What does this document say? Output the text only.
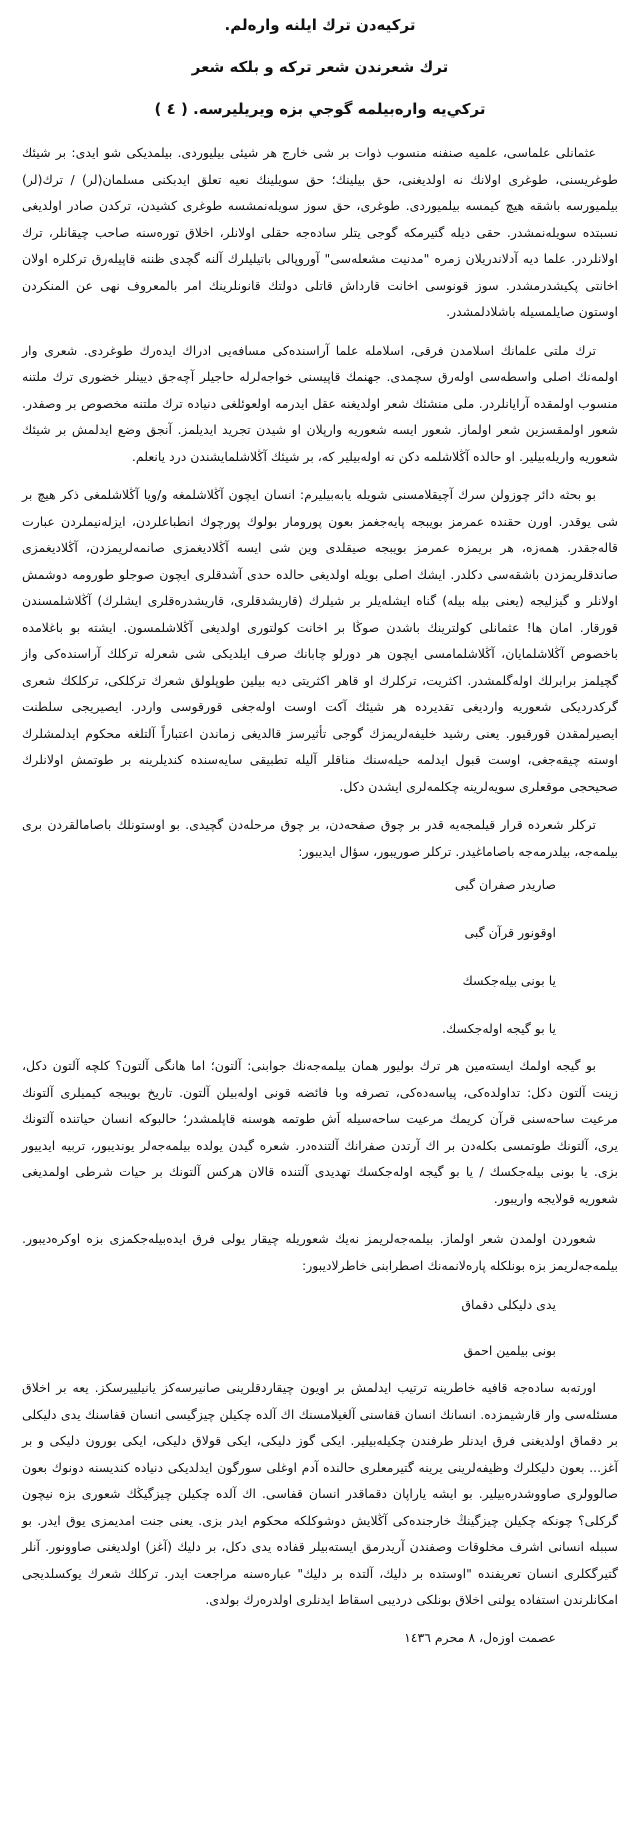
تركيه‌دن ترك ايلنه وارەلم.
ترك شعرندن شعر تركه و بلكه شعر
تركي‌يه وارەبيلمه گوجي بزه ويريليرسه. ( ٤ )

عثمانلى علماسى، علميه صنفنه منسوب ذوات بر شى خارج هر شيئى بيليوردى. بيلمديكى شو ايدى: بر شيئك طوغريسنى، طوغرى اولانك نه اولديغنى، حق بيلينك؛ حق سويلينك نعيه تعلق ايدبكنى مسلمان(لر) / ترك(لر) بيلميورسه باشقه هيچ كيمسه بيلميوردى. طوغرى، حق سوز سويلەنمشسه طوغرى كشيدن، تركدن صادر اولديغى نسبتده سويلەنمشدر. حقى ديله گتيرمكه گوجى يتلر ساده‌جه حقلى اولانلر، اخلاق تورەسنه صاحب چيقانلر، ترك اولانلردر. علما ديه آدلاندريلان زمره "مدنيت مشعلەسى" آوروپالى باتيليلرك آلنه گچدى ظننه قاپيلەرق تركلره اولان اخانتى پكيشدرمشدر. سوز قونوسى اخانت قارداش قاتلى دولتك قانونلرينك امر بالمعروف نهى عن المنكردن اوستون صايلمسيله باشلادلمشدر.

ترك ملتى علمانك اسلامدن فرقى، اسلامله علما آراسنده‌كى مسافه‌يى ادراك ايدەرك طوغردى. شعرى وار اولمەنك اصلى واسطەسى اولەرق سچمدى. جهنمك قاپيسنى خواجەلرله حاجيلر آچەجق ديينلر خضورى ترك ملتنه منسوب اولمقده آرايانلردر. ملى منشئك شعر اولديغنه عقل ايدرمه اولعوئلغى دنياده ترك ملتنه مخصوص بر وصفدر. شعور اولمقسزين شعر اولماز. شعور ايسه شعوريه وارپلان او شيدن تجريد ايديلمز. آنجق وضع ايدلمش بر شيئك شعوريه واريله‌بيلير. او حالده آڭلاشلمه دكن نه اوله‌بيلير كه، بر شيئك آڭلاشلمايشندن درد يانعلم.

بو بحثه دائر چوزولن سرك آچيقلامسنى شويله يابه‌بيليرم: انسان ايچون آڭلاشلمغه و/ويا آڭلاشلمغى ذكر هيچ بر شى يوقدر. اورن حقنده عمرمز بويبجه پايەجغمز بعون پورومار بولوك پورچوك انطباعلردن، ايزلەنيملردن عبارت قالەجقدر. همەزه، هر بريمزه عمرمز بويبجه صيقلدى وين شى ايسه آڭلاديغمزى صانمەلريمزدن، آڭلاديغمزى صاندقلريمزدن باشقەسى دكلدر. ايشك اصلى بويله اولديغى حالده حدى آشدقلرى ايچون صوجلو طورومه دوشمش اولانلر و گيزليجه (يعنى بيله بيله) گناه ايشلەيلر بر شيلرك (قاريشدقلرى، قاريشدرەقلرى ايشلرك) آڭلاشلمسندن قورقار. امان ها! عثمانلى كولترينك باشدن صوڭا بر اخانت كولتورى اولديغى آڭلاشلمسون. ايشته بو باغلامده باخصوص آڭلاشلمايان، آڭلاشلمامسى ايچون هر دورلو چابانك صرف ايلديكى شى شعرله تركلك آراسنده‌كى واز گچيلمز برابرلك اولەگلمشدر. اكثريت، تركلرك او قاهر اكثريتى ديه بيلين طوپلولق شعرك تركلكى، تركلكك شعرى گركدرديكى شعوريه وارديغى تقديرده هر شيئك آكت اوست اوله‌جغى قورقوسى واردر. ايصيريجى سلطنت ايصيرلمقدن قورقيور. يعنى رشيد خليفەلريمزك گوجى تأثيرسز قالديغى زماندن اعتباراً آلتلغه محكوم ايدلمشلرك اوستە چيقەجغى، اوست قبول ايدلمه حيلەسنك مناقلر آليله تطبيقى سايەسنده كنديلرينه بر طوتمش اولانلرك صحيحجى موقعلرى سويەلرينه چكلمەلرى ايشدن دكل.

تركلر شعردە قرار قيلمجه‌يه قدر بر چوق صفحه‌دن، بر چوق مرحلەدن گچيدى. بو اوستونلك باصامالقردن برى بيلمەجه، بيلدرمەجه باصاماغيدر. تركلر صوريبور، سؤال ايديبور:

صاريدر صفران گبى
اوقونور قرآن گبى
يا بونى بيلەجكسك
يا بو گيجه اولەجكسك.

بو گيجه اولمك ايستەمين هر ترك بوليور همان بيلمەجەنك جوابنى: آلتون؛ اما هانگى آلتون؟ كلچه آلتون دكل، زينت آلتون دكل: تداولدەكى، پياسەدەكى، تصرفه وبا فائضه قونى اولەبيلن آلتون. تاريخ بويبجه كيميلرى آلتونك مرعيت ساحەسنى قرآن كريمك مرعيت ساحەسيله اَش طوتمه هوسنه قاپلمشدر؛ حالبوكه انسان حياتنده آلتونك يرى، آلتونك طوتمسى بكلەدن بر اك آرتدن صفرانك آلتندەدر. شعره گيدن يولده بيلمەجەلر يونديبور، تربيه ايدييور بزى. يا بونى بيلەجكسك / يا بو گيجه اولەجكسك تهديدى آلتنده قالان هركس آلتونك بر حيات شرطى اولمديغى شعوريه قولايجه واريبور.

شعوردن اولمدن شعر اولماز. بيلمەجەلريمز نەيك شعوريله چيقار يولى فرق ايدەبيلەجكمزى بزه اوكرەديبور. بيلمەجەلريمز بزه بونلكله پارەلانمەنك اصطرابنى خاطرلاديبور:

يدى دليكلى دقماق
بونى بيلمين احمق

اورتەبه سادەجه قافيه خاطرينه ترتيب ايدلمش بر اويون چيقاردقلرينى صانيرسەكز يانيلييرسكز. يعه بر اخلاق مسئلەسى وار قارشيمزده. انسانك انسان قفاسنى آلغيلامسنك اك آلده چكيلن چيزگيسى انسان قفاسنك يدى دليكلى بر دقماق اولديغنى فرق ايدنلر طرفندن چكيلەبيلير. ايكى گوز دليكى، ايكى قولاق دليكى، ايكى بورون دليكى و بر آغز... بعون دليكلرك وظيفەلرينى يرينه گتيرمعلرى حالنده آدم اوغلى سورگون ايدلديكى دنياده كنديسنه دونوك بعون صالوولرى صاووشدرەبيلير. بو ايشه ياراپان دقماقدر انسان قفاسى. اك آلده چكيلن چيزگيڭك شعورى بزه نيچون گركلى؟ چونكه چكيلن چيزگينڭ خارجنده‌كى آڭلايش دوشوكلكه محكوم ايدر بزى. يعنى جنت امديمزى يوق ايدر. بو سببله انسانى اشرف مخلوقات وصفندن آريدرمق ايستەبيلر قفاده يدى دكل، بر دليك (آغز) اولديغنى صاوونور. آنلر گتيرگكلرى انسان تعريفنده "اوستده بر دليك، آلتده بر دليك" عبارەسنه مراجعت ايدر. تركلك شعرك يوكسلديجى امكانلرندن استفاده يولنى اخلاق بونلكى درديبى اسقاط ايدنلرى اولدرەرك بولدى.

عصمت اوزەل، ٨ محرم ١٤٣٦
